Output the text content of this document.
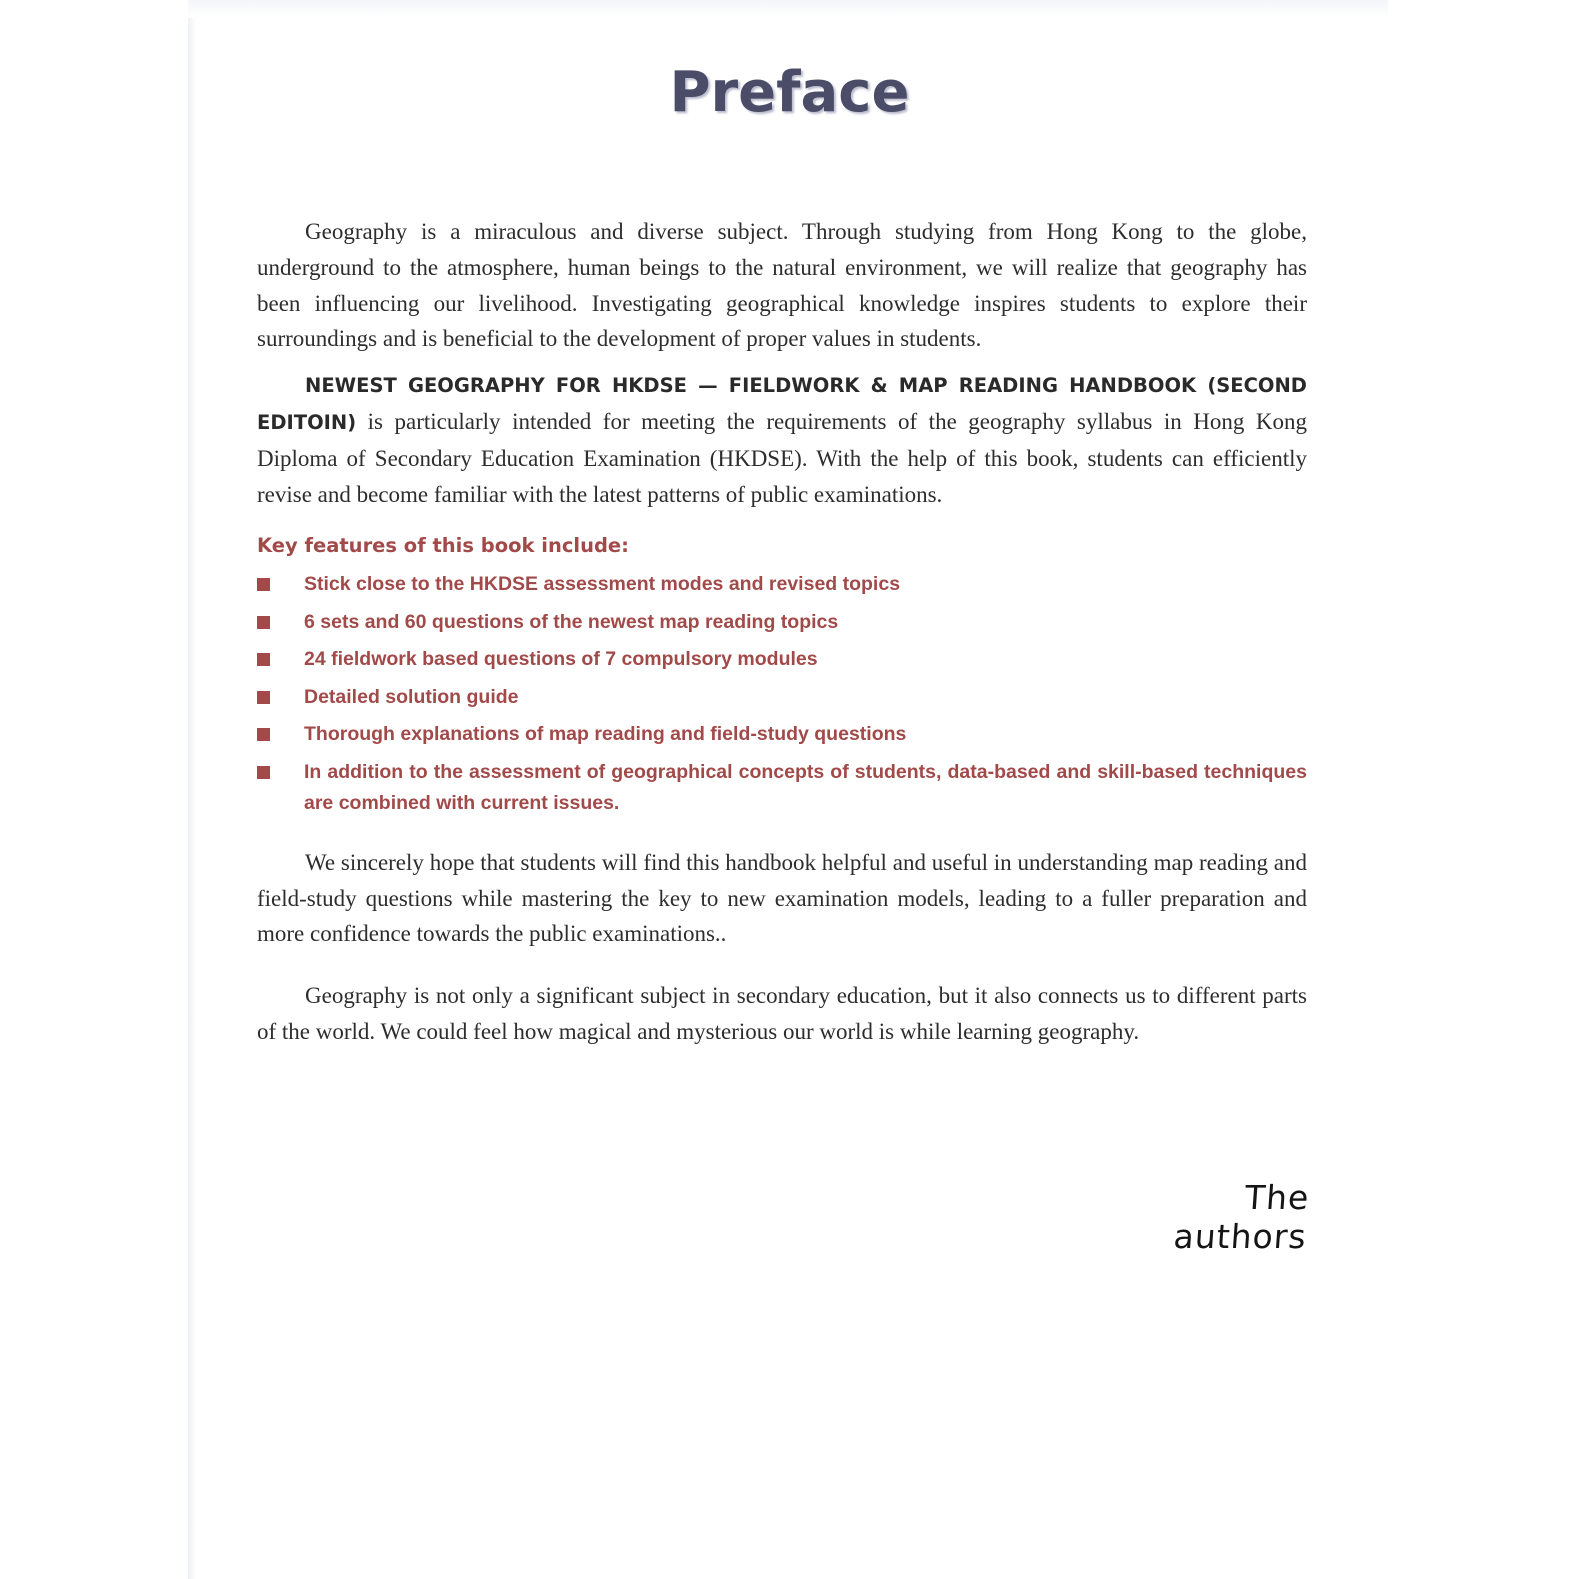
Preface

Geography is a miraculous and diverse subject. Through studying from Hong Kong to the globe, underground to the atmosphere, human beings to the natural environment, we will realize that geography has been influencing our livelihood. Investigating geographical knowledge inspires students to explore their surroundings and is beneficial to the development of proper values in students.

NEWEST GEOGRAPHY FOR HKDSE — FIELDWORK & MAP READING HANDBOOK (SECOND EDITOIN) is particularly intended for meeting the requirements of the geography syllabus in Hong Kong Diploma of Secondary Education Examination (HKDSE). With the help of this book, students can efficiently revise and become familiar with the latest patterns of public examinations.

Key features of this book include:
Stick close to the HKDSE assessment modes and revised topics
6 sets and 60 questions of the newest map reading topics
24 fieldwork based questions of 7 compulsory modules
Detailed solution guide
Thorough explanations of map reading and field-study questions
In addition to the assessment of geographical concepts of students, data-based and skill-based techniques are combined with current issues.

We sincerely hope that students will find this handbook helpful and useful in understanding map reading and field-study questions while mastering the key to new examination models, leading to a fuller preparation and more confidence towards the public examinations..

Geography is not only a significant subject in secondary education, but it also connects us to different parts of the world. We could feel how magical and mysterious our world is while learning geography.

The authors
